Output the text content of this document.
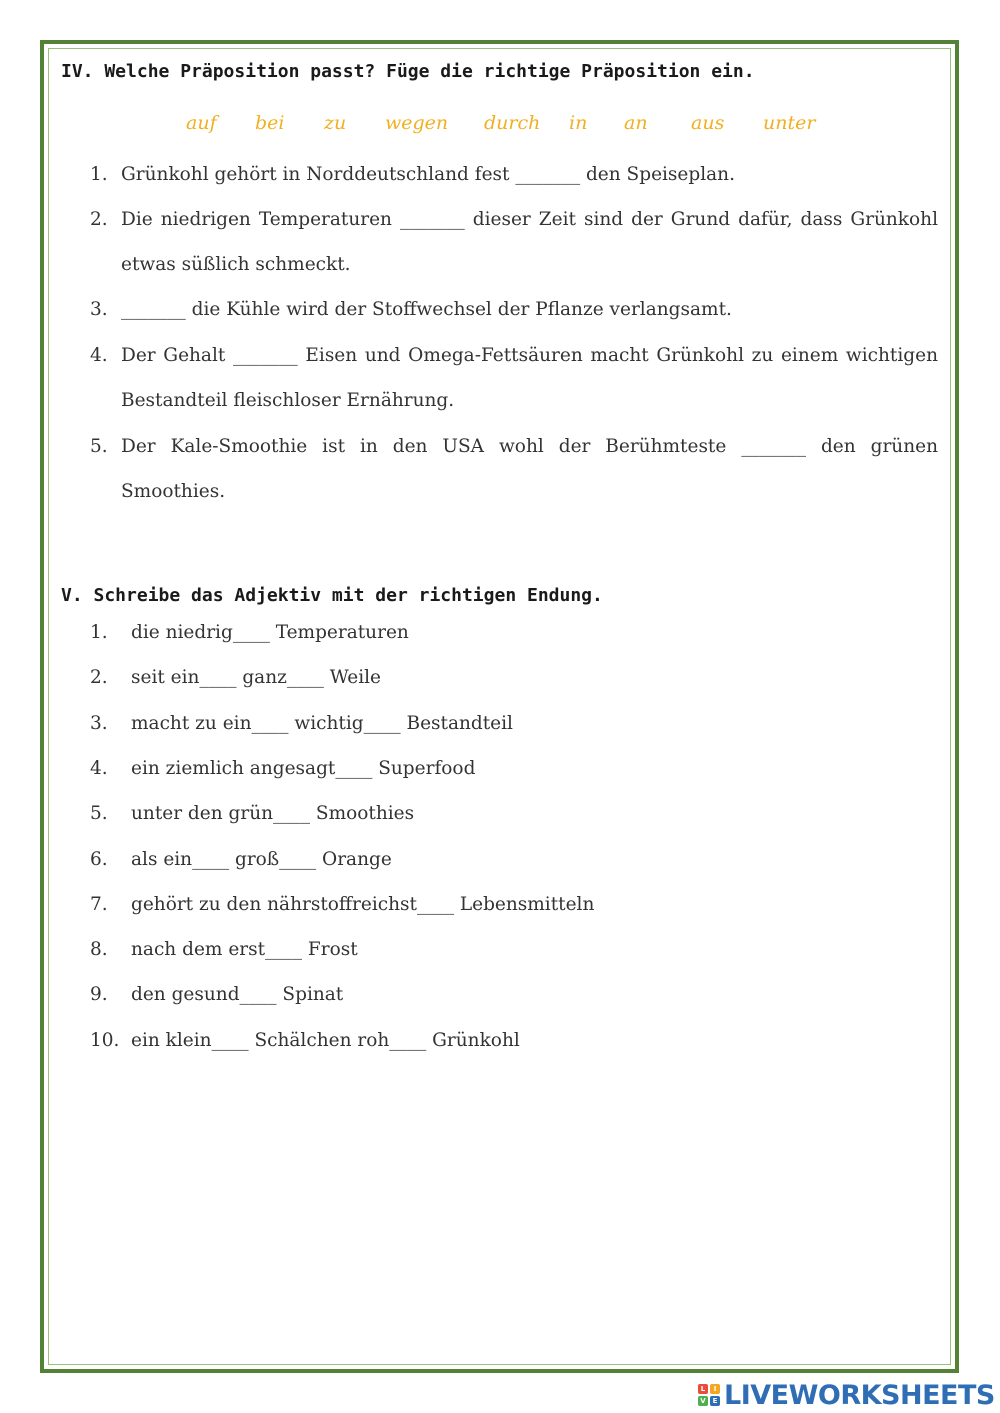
IV. Welche Präposition passt? Füge die richtige Präposition ein.
auf bei zu wegen durch in an aus unter
1. Grünkohl gehört in Norddeutschland fest _______ den Speiseplan.
2. Die niedrigen Temperaturen _______ dieser Zeit sind der Grund dafür, dass Grünkohl etwas süßlich schmeckt.
3. _______ die Kühle wird der Stoffwechsel der Pflanze verlangsamt.
4. Der Gehalt _______ Eisen und Omega-Fettsäuren macht Grünkohl zu einem wichtigen Bestandteil fleischloser Ernährung.
5. Der Kale-Smoothie ist in den USA wohl der Berühmteste _______ den grünen Smoothies.
V. Schreibe das Adjektiv mit der richtigen Endung.
1. die niedrig____ Temperaturen
2. seit ein____ ganz____ Weile
3. macht zu ein____ wichtig____ Bestandteil
4. ein ziemlich angesagt____ Superfood
5. unter den grün____ Smoothies
6. als ein____ groß____ Orange
7. gehört zu den nährstoffreichst____ Lebensmitteln
8. nach dem erst____ Frost
9. den gesund____ Spinat
10. ein klein____ Schälchen roh____ Grünkohl
L	I
V E LIVEWORKSHEETS
